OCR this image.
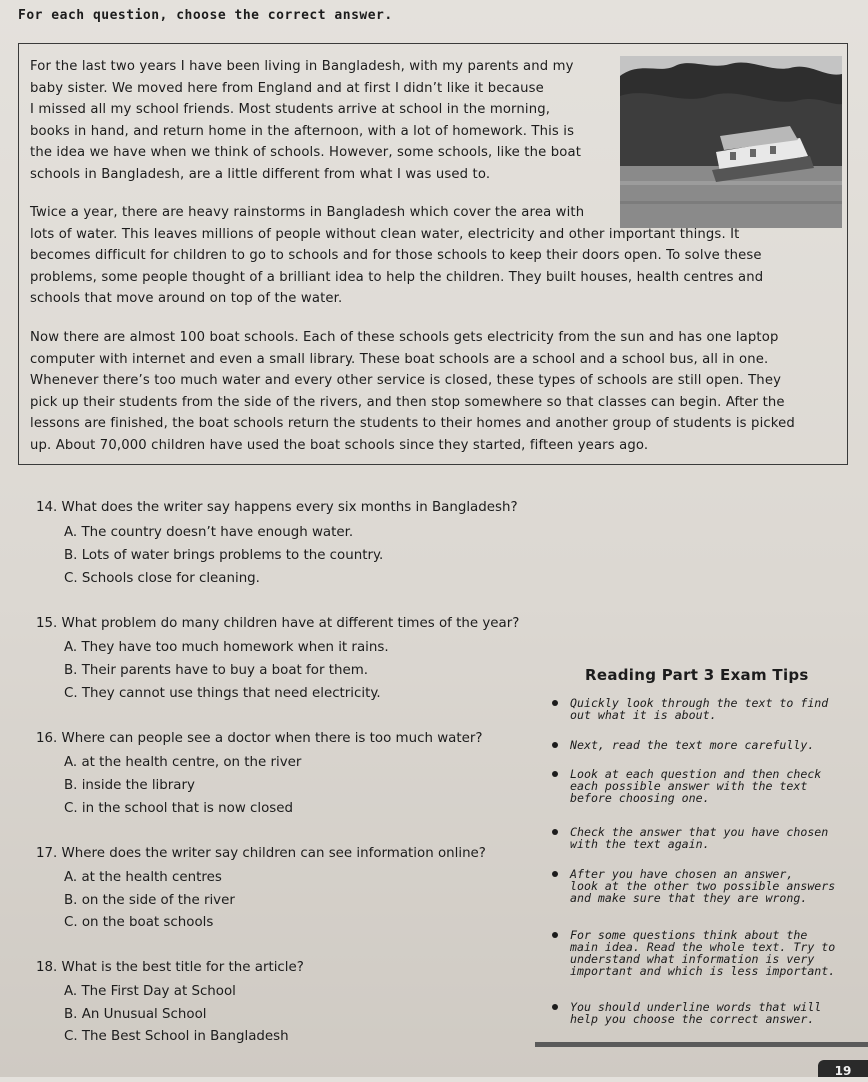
For each question, choose the correct answer.

For the last two years I have been living in Bangladesh, with my parents and my
baby sister. We moved here from England and at first I didn’t like it because
I missed all my school friends. Most students arrive at school in the morning,
books in hand, and return home in the afternoon, with a lot of homework. This is
the idea we have when we think of schools. However, some schools, like the boat
schools in Bangladesh, are a little different from what I was used to.

Twice a year, there are heavy rainstorms in Bangladesh which cover the area with
lots of water. This leaves millions of people without clean water, electricity and other important things. It
becomes difficult for children to go to schools and for those schools to keep their doors open. To solve these
problems, some people thought of a brilliant idea to help the children. They built houses, health centres and
schools that move around on top of the water.

Now there are almost 100 boat schools. Each of these schools gets electricity from the sun and has one laptop
computer with internet and even a small library. These boat schools are a school and a school bus, all in one.
Whenever there’s too much water and every other service is closed, these types of schools are still open. They
pick up their students from the side of the rivers, and then stop somewhere so that classes can begin. After the
lessons are finished, the boat schools return the students to their homes and another group of students is picked
up. About 70,000 children have used the boat schools since they started, fifteen years ago.

14. What does the writer say happens every six months in Bangladesh?
A. The country doesn’t have enough water.
B. Lots of water brings problems to the country.
C. Schools close for cleaning.
15. What problem do many children have at different times of the year?
A. They have too much homework when it rains.
B. Their parents have to buy a boat for them.
C. They cannot use things that need electricity.
16. Where can people see a doctor when there is too much water?
A. at the health centre, on the river
B. inside the library
C. in the school that is now closed
17. Where does the writer say children can see information online?
A. at the health centres
B. on the side of the river
C. on the boat schools
18. What is the best title for the article?
A. The First Day at School
B. An Unusual School
C. The Best School in Bangladesh
Reading Part 3 Exam Tips
Quickly look through the text to find
out what it is about.
Next, read the text more carefully.
Look at each question and then check
each possible answer with the text
before choosing one.
Check the answer that you have chosen
with the text again.
After you have chosen an answer,
look at the other two possible answers
and make sure that they are wrong.
For some questions think about the
main idea. Read the whole text. Try to
understand what information is very
important and which is less important.
You should underline words that will
help you choose the correct answer.
19
